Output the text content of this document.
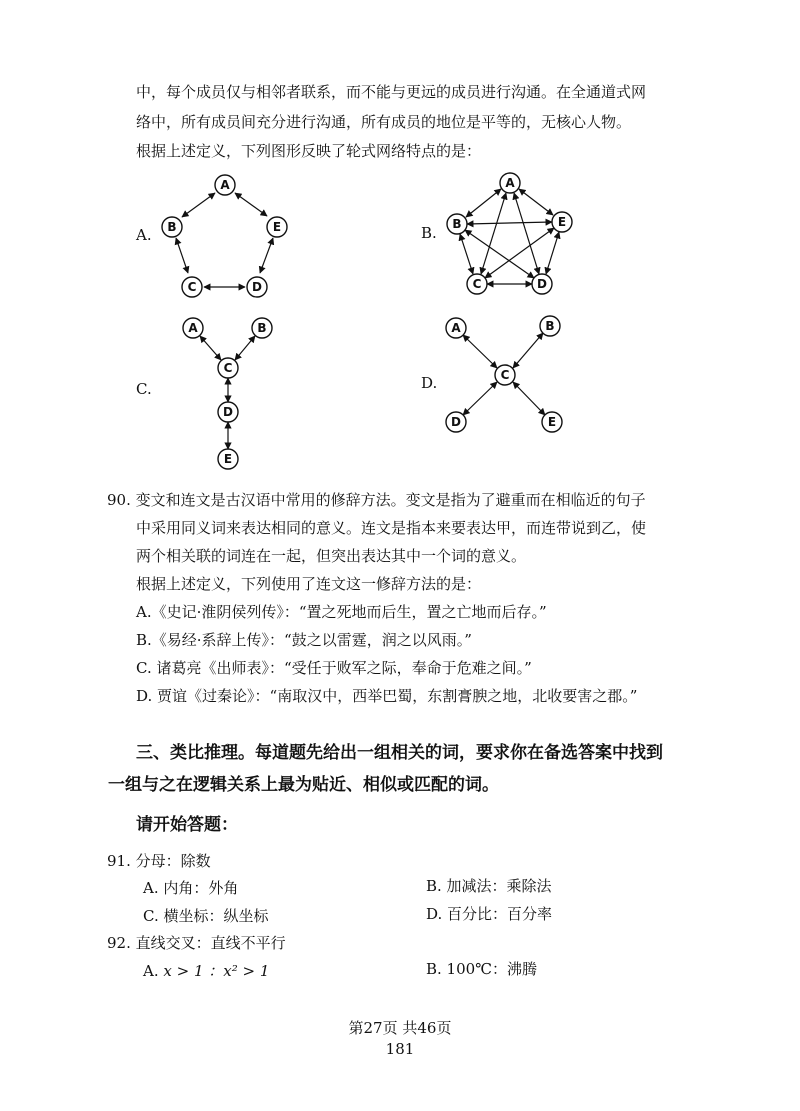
中，每个成员仅与相邻者联系，而不能与更远的成员进行沟通。在全通道式网
络中，所有成员间充分进行沟通，所有成员的地位是平等的，无核心人物。
根据上述定义，下列图形反映了轮式网络特点的是：
A.	B.
C.	D.
A
B	E
C	D
A
B	E
C	D
A	B
C
D
E
A	B
C
D	E
90. 变文和连文是古汉语中常用的修辞方法。变文是指为了避重而在相临近的句子
中采用同义词来表达相同的意义。连文是指本来要表达甲，而连带说到乙，使
两个相关联的词连在一起，但突出表达其中一个词的意义。
根据上述定义，下列使用了连文这一修辞方法的是：
A.《史记·淮阴侯列传》：“置之死地而后生，置之亡地而后存。”
B.《易经·系辞上传》：“鼓之以雷霆，润之以风雨。”
C. 诸葛亮《出师表》：“受任于败军之际，奉命于危难之间。”
D. 贾谊《过秦论》：“南取汉中，西举巴蜀，东割膏腴之地，北收要害之郡。”
三、类比推理。每道题先给出一组相关的词，要求你在备选答案中找到
一组与之在逻辑关系上最为贴近、相似或匹配的词。
请开始答题：
91. 分母：除数
A. 内角：外角	B. 加减法：乘除法
C. 横坐标：纵坐标	D. 百分比：百分率
92. 直线交叉：直线不平行
A. x > 1 ：x² > 1	B. 100℃：沸腾
第27页 共46页
181
